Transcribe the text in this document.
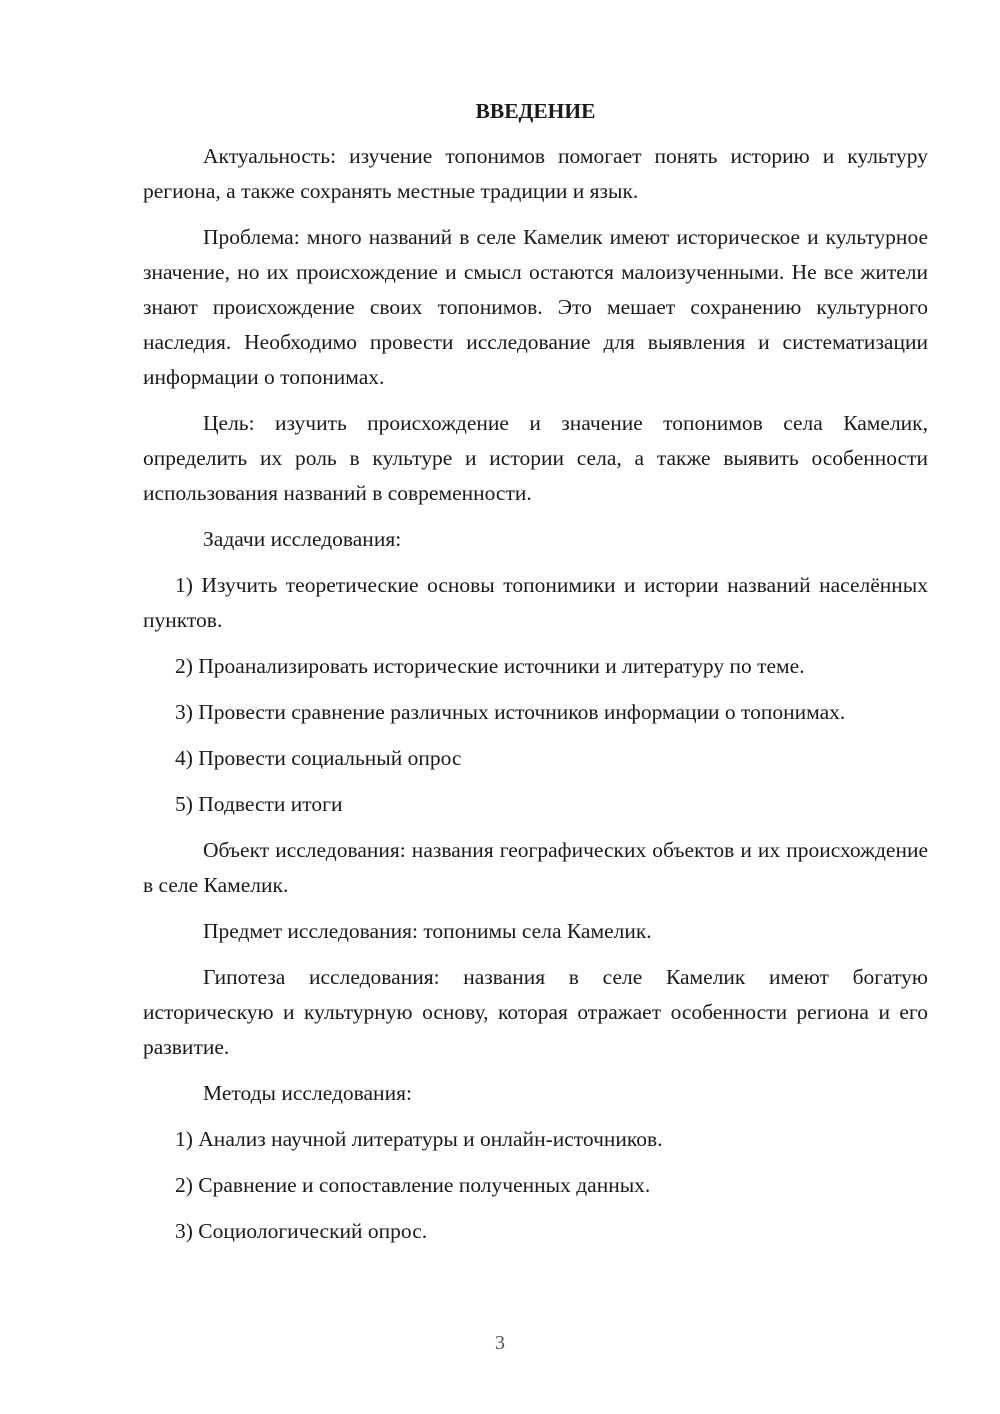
ВВЕДЕНИЕ

Актуальность: изучение топонимов помогает понять историю и культуру региона, а также сохранять местные традиции и язык.

Проблема: много названий в селе Камелик имеют историческое и культурное значение, но их происхождение и смысл остаются малоизученными. Не все жители знают происхождение своих топонимов. Это мешает сохранению культурного наследия. Необходимо провести исследование для выявления и систематизации информации о топонимах.

Цель: изучить происхождение и значение топонимов села Камелик, определить их роль в культуре и истории села, а также выявить особенности использования названий в современности.

Задачи исследования:

1) Изучить теоретические основы топонимики и истории названий населённых пунктов.

2) Проанализировать исторические источники и литературу по теме.

3) Провести сравнение различных источников информации о топонимах.

4) Провести социальный опрос

5) Подвести итоги

Объект исследования: названия географических объектов и их происхождение в селе Камелик.

Предмет исследования: топонимы села Камелик.

Гипотеза исследования: названия в селе Камелик имеют богатую историческую и культурную основу, которая отражает особенности региона и его развитие.

Методы исследования:

1) Анализ научной литературы и онлайн-источников.

2) Сравнение и сопоставление полученных данных.

3) Социологический опрос.

3
